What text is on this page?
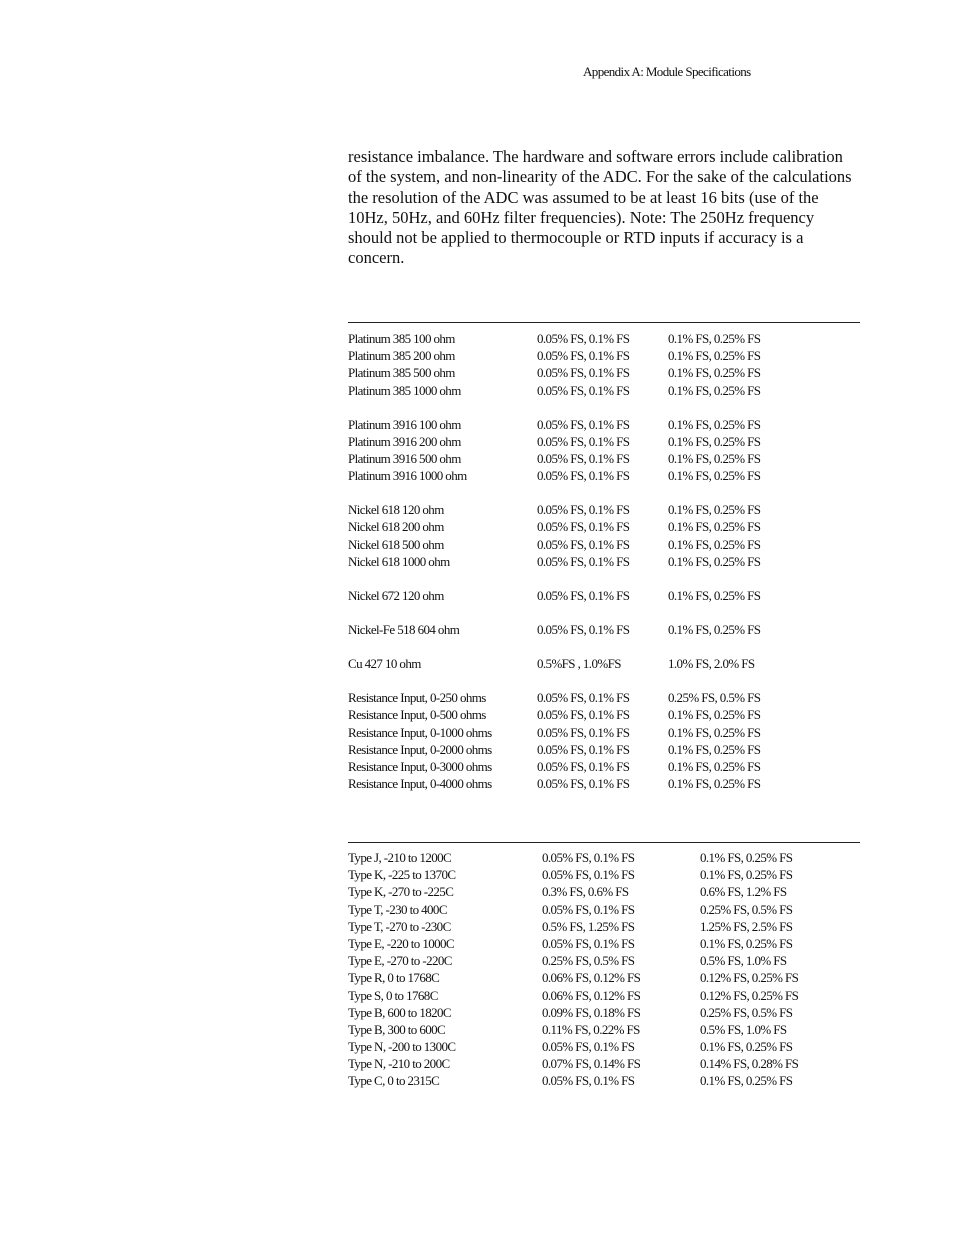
Appendix A: Module Specifications

resistance imbalance. The hardware and software errors include calibration of the system, and non-linearity of the ADC. For the sake of the calculations the resolution of the ADC was assumed to be at least 16 bits (use of the 10Hz, 50Hz, and 60Hz filter frequencies). Note: The 250Hz frequency should not be applied to thermocouple or RTD inputs if accuracy is a concern.

Platinum 385 100 ohm	0.05% FS, 0.1% FS	0.1% FS, 0.25% FS
Platinum 385 200 ohm	0.05% FS, 0.1% FS	0.1% FS, 0.25% FS
Platinum 385 500 ohm	0.05% FS, 0.1% FS	0.1% FS, 0.25% FS
Platinum 385 1000 ohm	0.05% FS, 0.1% FS	0.1% FS, 0.25% FS
Platinum 3916 100 ohm	0.05% FS, 0.1% FS	0.1% FS, 0.25% FS
Platinum 3916 200 ohm	0.05% FS, 0.1% FS	0.1% FS, 0.25% FS
Platinum 3916 500 ohm	0.05% FS, 0.1% FS	0.1% FS, 0.25% FS
Platinum 3916 1000 ohm	0.05% FS, 0.1% FS	0.1% FS, 0.25% FS
Nickel 618 120 ohm	0.05% FS, 0.1% FS	0.1% FS, 0.25% FS
Nickel 618 200 ohm	0.05% FS, 0.1% FS	0.1% FS, 0.25% FS
Nickel 618 500 ohm	0.05% FS, 0.1% FS	0.1% FS, 0.25% FS
Nickel 618 1000 ohm	0.05% FS, 0.1% FS	0.1% FS, 0.25% FS
Nickel 672 120 ohm	0.05% FS, 0.1% FS	0.1% FS, 0.25% FS
Nickel-Fe 518 604 ohm	0.05% FS, 0.1% FS	0.1% FS, 0.25% FS
Cu 427 10 ohm	0.5%FS , 1.0%FS	1.0% FS, 2.0% FS
Resistance Input, 0-250 ohms	0.05% FS, 0.1% FS	0.25% FS, 0.5% FS
Resistance Input, 0-500 ohms	0.05% FS, 0.1% FS	0.1% FS, 0.25% FS
Resistance Input, 0-1000 ohms	0.05% FS, 0.1% FS	0.1% FS, 0.25% FS
Resistance Input, 0-2000 ohms	0.05% FS, 0.1% FS	0.1% FS, 0.25% FS
Resistance Input, 0-3000 ohms	0.05% FS, 0.1% FS	0.1% FS, 0.25% FS
Resistance Input, 0-4000 ohms	0.05% FS, 0.1% FS	0.1% FS, 0.25% FS
Type J, -210 to 1200C	0.05% FS, 0.1% FS	0.1% FS, 0.25% FS
Type K, -225 to 1370C	0.05% FS, 0.1% FS	0.1% FS, 0.25% FS
Type K, -270 to -225C	0.3% FS, 0.6% FS	0.6% FS, 1.2% FS
Type T, -230 to 400C	0.05% FS, 0.1% FS	0.25% FS, 0.5% FS
Type T, -270 to -230C	0.5% FS, 1.25% FS	1.25% FS, 2.5% FS
Type E, -220 to 1000C	0.05% FS, 0.1% FS	0.1% FS, 0.25% FS
Type E, -270 to -220C	0.25% FS, 0.5% FS	0.5% FS, 1.0% FS
Type R, 0 to 1768C	0.06% FS, 0.12% FS	0.12% FS, 0.25% FS
Type S, 0 to 1768C	0.06% FS, 0.12% FS	0.12% FS, 0.25% FS
Type B, 600 to 1820C	0.09% FS, 0.18% FS	0.25% FS, 0.5% FS
Type B, 300 to 600C	0.11% FS, 0.22% FS	0.5% FS, 1.0% FS
Type N, -200 to 1300C	0.05% FS, 0.1% FS	0.1% FS, 0.25% FS
Type N, -210 to 200C	0.07% FS, 0.14% FS	0.14% FS, 0.28% FS
Type C, 0 to 2315C	0.05% FS, 0.1% FS	0.1% FS, 0.25% FS
